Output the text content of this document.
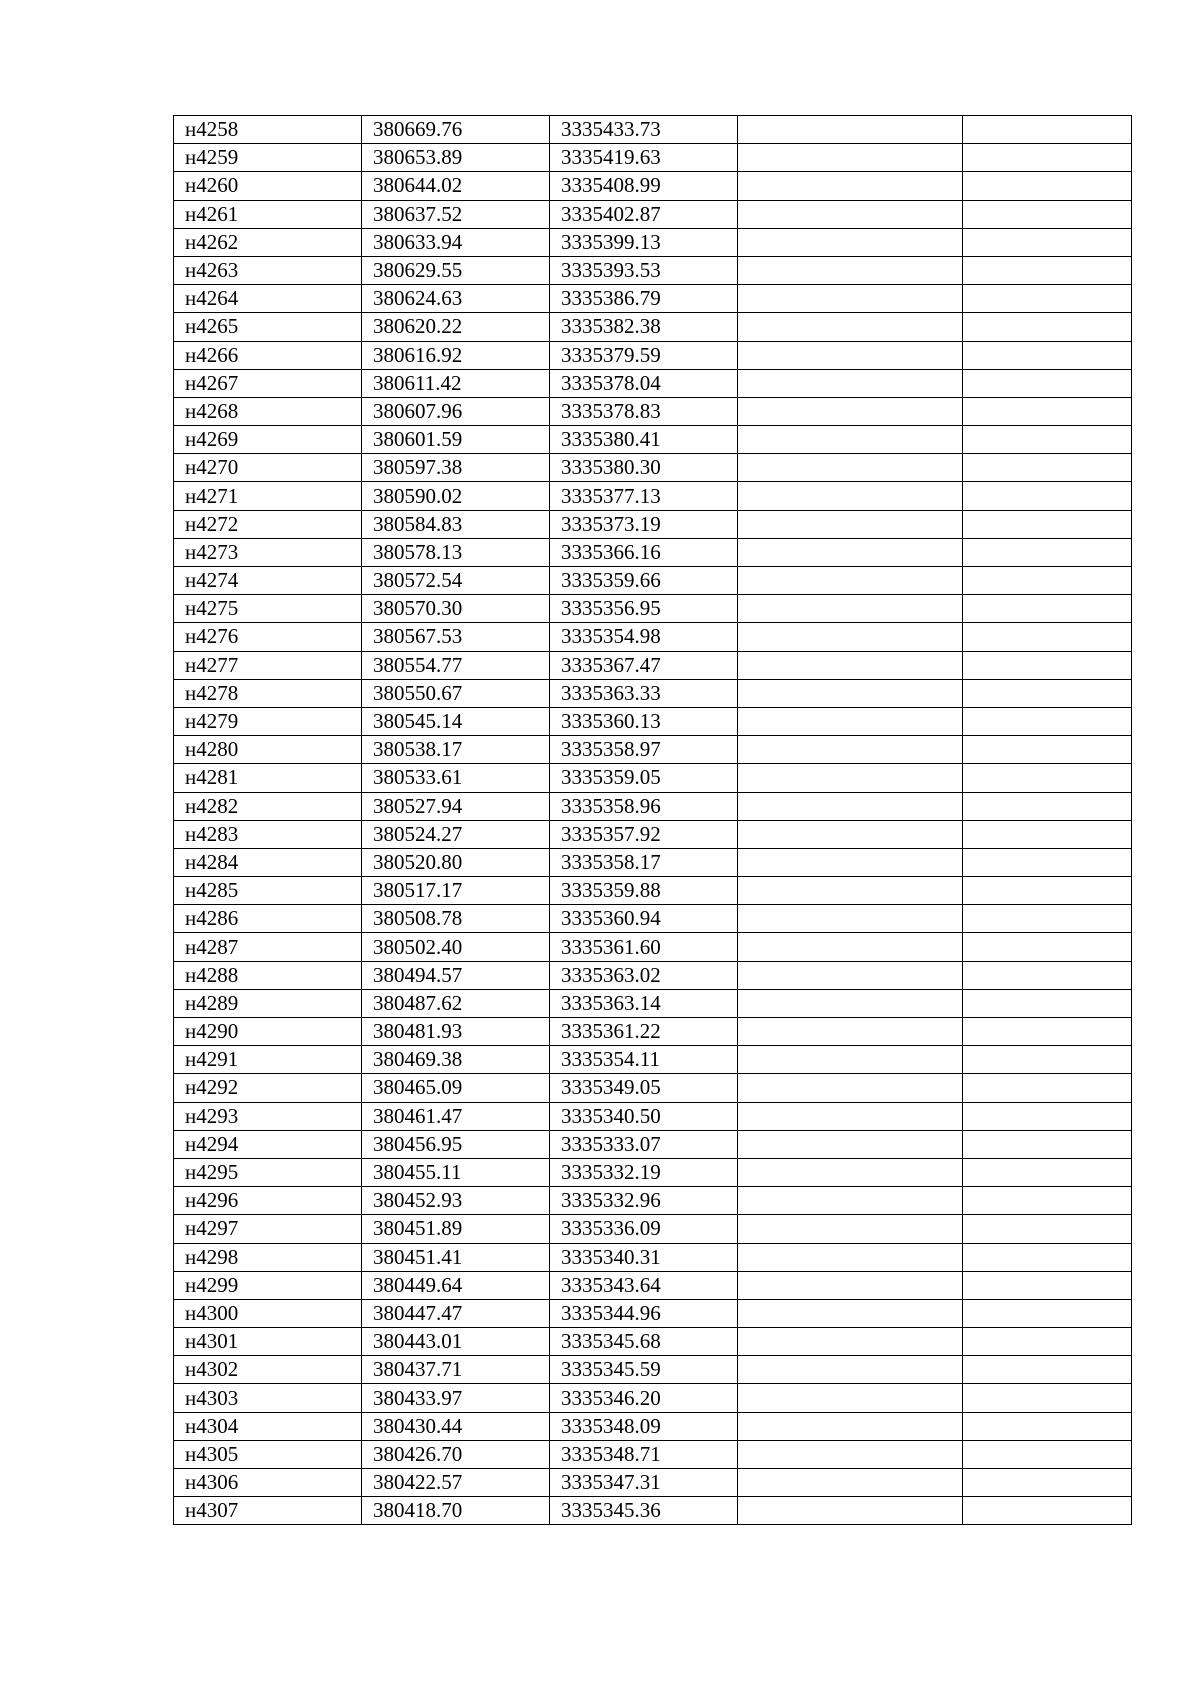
н4258	380669.76	3335433.73		
н4259	380653.89	3335419.63		
н4260	380644.02	3335408.99		
н4261	380637.52	3335402.87		
н4262	380633.94	3335399.13		
н4263	380629.55	3335393.53		
н4264	380624.63	3335386.79		
н4265	380620.22	3335382.38		
н4266	380616.92	3335379.59		
н4267	380611.42	3335378.04		
н4268	380607.96	3335378.83		
н4269	380601.59	3335380.41		
н4270	380597.38	3335380.30		
н4271	380590.02	3335377.13		
н4272	380584.83	3335373.19		
н4273	380578.13	3335366.16		
н4274	380572.54	3335359.66		
н4275	380570.30	3335356.95		
н4276	380567.53	3335354.98		
н4277	380554.77	3335367.47		
н4278	380550.67	3335363.33		
н4279	380545.14	3335360.13		
н4280	380538.17	3335358.97		
н4281	380533.61	3335359.05		
н4282	380527.94	3335358.96		
н4283	380524.27	3335357.92		
н4284	380520.80	3335358.17		
н4285	380517.17	3335359.88		
н4286	380508.78	3335360.94		
н4287	380502.40	3335361.60		
н4288	380494.57	3335363.02		
н4289	380487.62	3335363.14		
н4290	380481.93	3335361.22		
н4291	380469.38	3335354.11		
н4292	380465.09	3335349.05		
н4293	380461.47	3335340.50		
н4294	380456.95	3335333.07		
н4295	380455.11	3335332.19		
н4296	380452.93	3335332.96		
н4297	380451.89	3335336.09		
н4298	380451.41	3335340.31		
н4299	380449.64	3335343.64		
н4300	380447.47	3335344.96		
н4301	380443.01	3335345.68		
н4302	380437.71	3335345.59		
н4303	380433.97	3335346.20		
н4304	380430.44	3335348.09		
н4305	380426.70	3335348.71		
н4306	380422.57	3335347.31		
н4307	380418.70	3335345.36		
